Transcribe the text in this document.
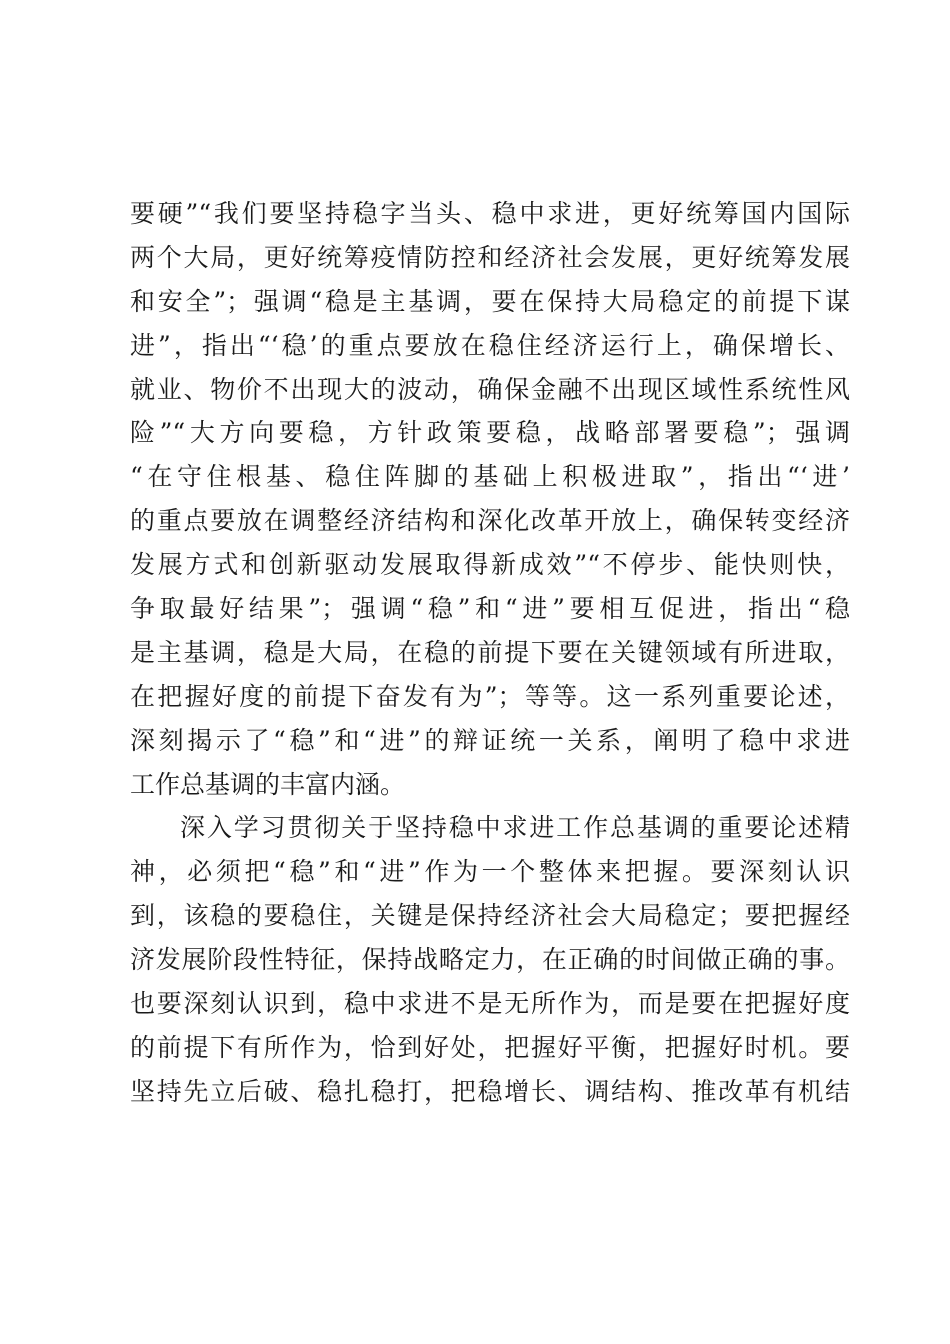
要硬”“我们要坚持稳字当头、稳中求进，更好统筹国内国际
两个大局，更好统筹疫情防控和经济社会发展，更好统筹发展
和安全”；强调“稳是主基调，要在保持大局稳定的前提下谋
进”，指出“‘稳’的重点要放在稳住经济运行上，确保增长、
就业、物价不出现大的波动，确保金融不出现区域性系统性风
险”“大方向要稳，方针政策要稳，战略部署要稳”；强调
“在守住根基、稳住阵脚的基础上积极进取”，指出“‘进’
的重点要放在调整经济结构和深化改革开放上，确保转变经济
发展方式和创新驱动发展取得新成效”“不停步、能快则快，
争取最好结果”；强调“稳”和“进”要相互促进，指出“稳
是主基调，稳是大局，在稳的前提下要在关键领域有所进取，
在把握好度的前提下奋发有为”；等等。这一系列重要论述，
深刻揭示了“稳”和“进”的辩证统一关系，阐明了稳中求进
工作总基调的丰富内涵。
深入学习贯彻关于坚持稳中求进工作总基调的重要论述精
神，必须把“稳”和“进”作为一个整体来把握。要深刻认识
到，该稳的要稳住，关键是保持经济社会大局稳定；要把握经
济发展阶段性特征，保持战略定力，在正确的时间做正确的事。
也要深刻认识到，稳中求进不是无所作为，而是要在把握好度
的前提下有所作为，恰到好处，把握好平衡，把握好时机。要
坚持先立后破、稳扎稳打，把稳增长、调结构、推改革有机结
